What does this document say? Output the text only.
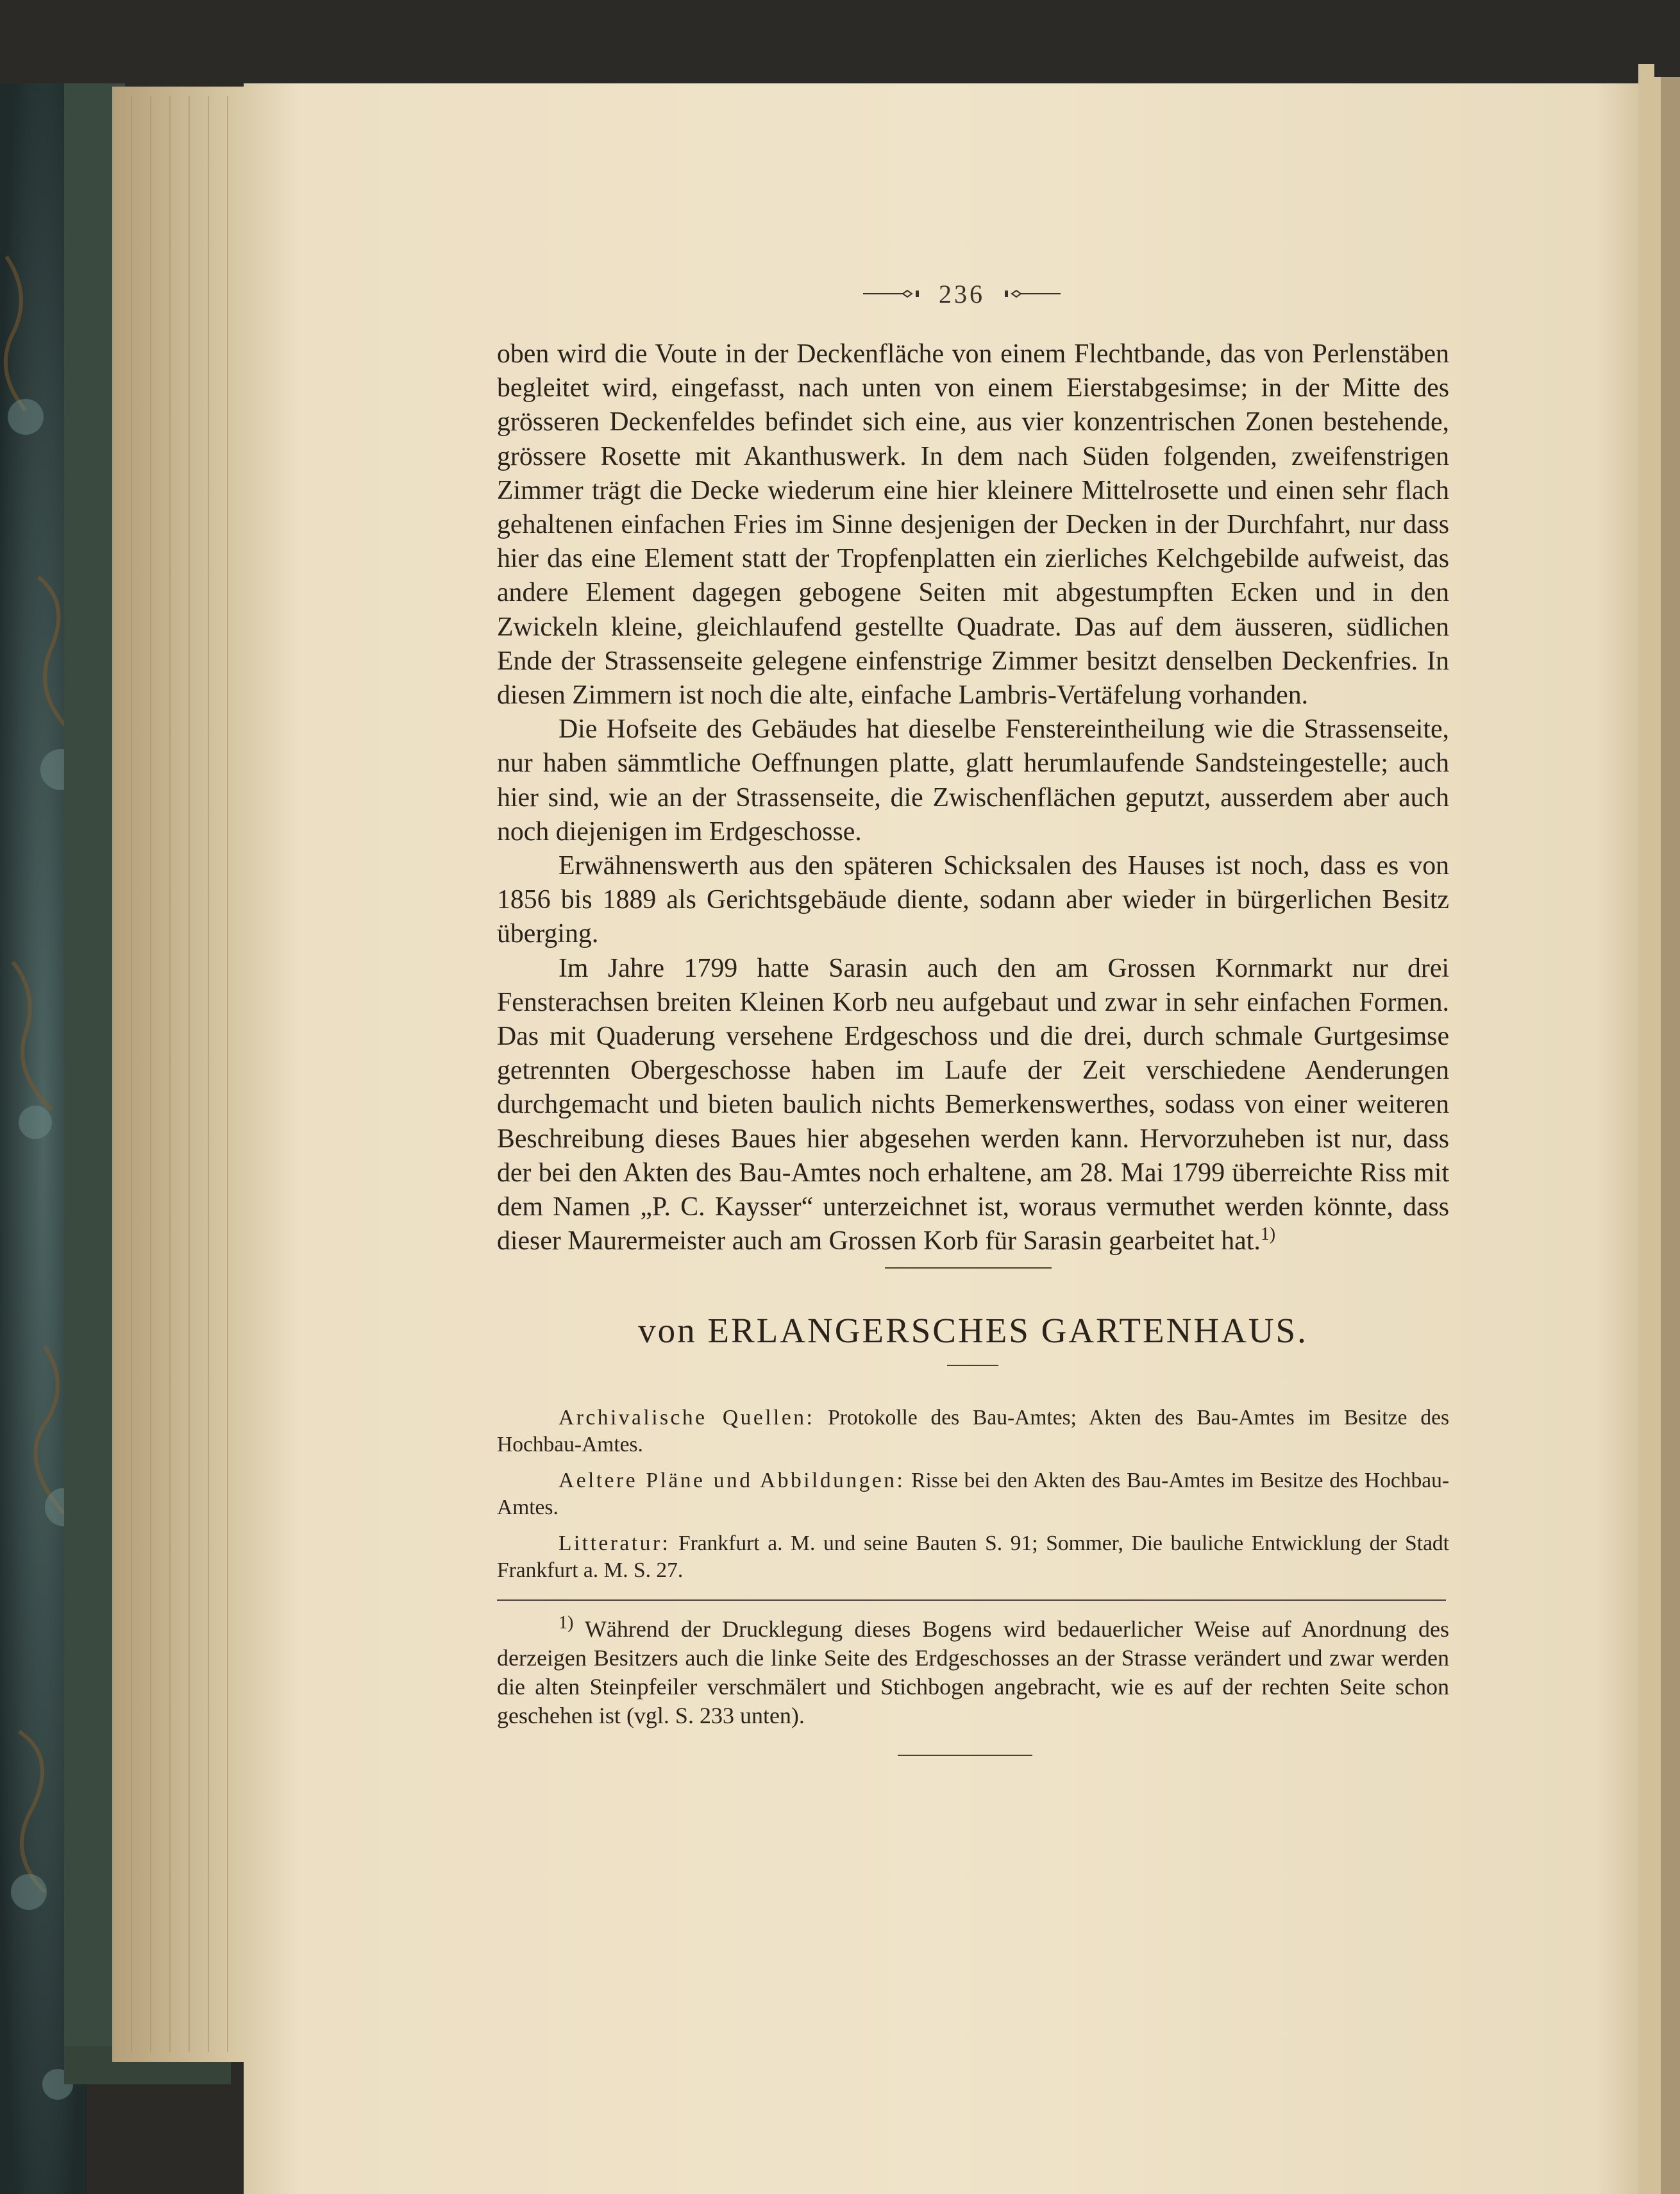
236

oben wird die Voute in der Deckenfläche von einem Flechtbande, das von Perlenstäben begleitet wird, eingefasst, nach unten von einem Eierstabgesimse; in der Mitte des grösseren Deckenfeldes befindet sich eine, aus vier konzentrischen Zonen bestehende, grössere Rosette mit Akanthuswerk. In dem nach Süden folgenden, zweifenstrigen Zimmer trägt die Decke wiederum eine hier kleinere Mittelrosette und einen sehr flach gehaltenen einfachen Fries im Sinne desjenigen der Decken in der Durchfahrt, nur dass hier das eine Element statt der Tropfenplatten ein zierliches Kelchgebilde aufweist, das andere Element dagegen gebogene Seiten mit abgestumpften Ecken und in den Zwickeln kleine, gleichlaufend gestellte Quadrate. Das auf dem äusseren, südlichen Ende der Strassenseite gelegene einfenstrige Zimmer besitzt denselben Deckenfries. In diesen Zimmern ist noch die alte, einfache Lambris-Vertäfelung vorhanden.

Die Hofseite des Gebäudes hat dieselbe Fenstereintheilung wie die Strassenseite, nur haben sämmtliche Oeffnungen platte, glatt herumlaufende Sandsteingestelle; auch hier sind, wie an der Strassenseite, die Zwischenflächen geputzt, ausserdem aber auch noch diejenigen im Erdgeschosse.

Erwähnenswerth aus den späteren Schicksalen des Hauses ist noch, dass es von 1856 bis 1889 als Gerichtsgebäude diente, sodann aber wieder in bürgerlichen Besitz überging.

Im Jahre 1799 hatte Sarasin auch den am Grossen Kornmarkt nur drei Fensterachsen breiten Kleinen Korb neu aufgebaut und zwar in sehr einfachen Formen. Das mit Quaderung versehene Erdgeschoss und die drei, durch schmale Gurtgesimse getrennten Obergeschosse haben im Laufe der Zeit verschiedene Aenderungen durchgemacht und bieten baulich nichts Bemerkenswerthes, sodass von einer weiteren Beschreibung dieses Baues hier abgesehen werden kann. Hervorzuheben ist nur, dass der bei den Akten des Bau-Amtes noch erhaltene, am 28. Mai 1799 überreichte Riss mit dem Namen „P. C. Kaysser“ unterzeichnet ist, woraus vermuthet werden könnte, dass dieser Maurermeister auch am Grossen Korb für Sarasin gearbeitet hat.$^{1)}$

von ERLANGERSCHES GARTENHAUS.

Archivalische Quellen: Protokolle des Bau-Amtes; Akten des Bau-Amtes im Besitze des Hochbau-Amtes.

Aeltere Pläne und Abbildungen: Risse bei den Akten des Bau-Amtes im Besitze des Hochbau-Amtes.

Litteratur: Frankfurt a. M. und seine Bauten S. 91; Sommer, Die bauliche Entwicklung der Stadt Frankfurt a. M. S. 27.

$^{1)}$ Während der Drucklegung dieses Bogens wird bedauerlicher Weise auf Anordnung des derzeigen Besitzers auch die linke Seite des Erdgeschosses an der Strasse verändert und zwar werden die alten Steinpfeiler verschmälert und Stichbogen angebracht, wie es auf der rechten Seite schon geschehen ist (vgl. S. 233 unten).
